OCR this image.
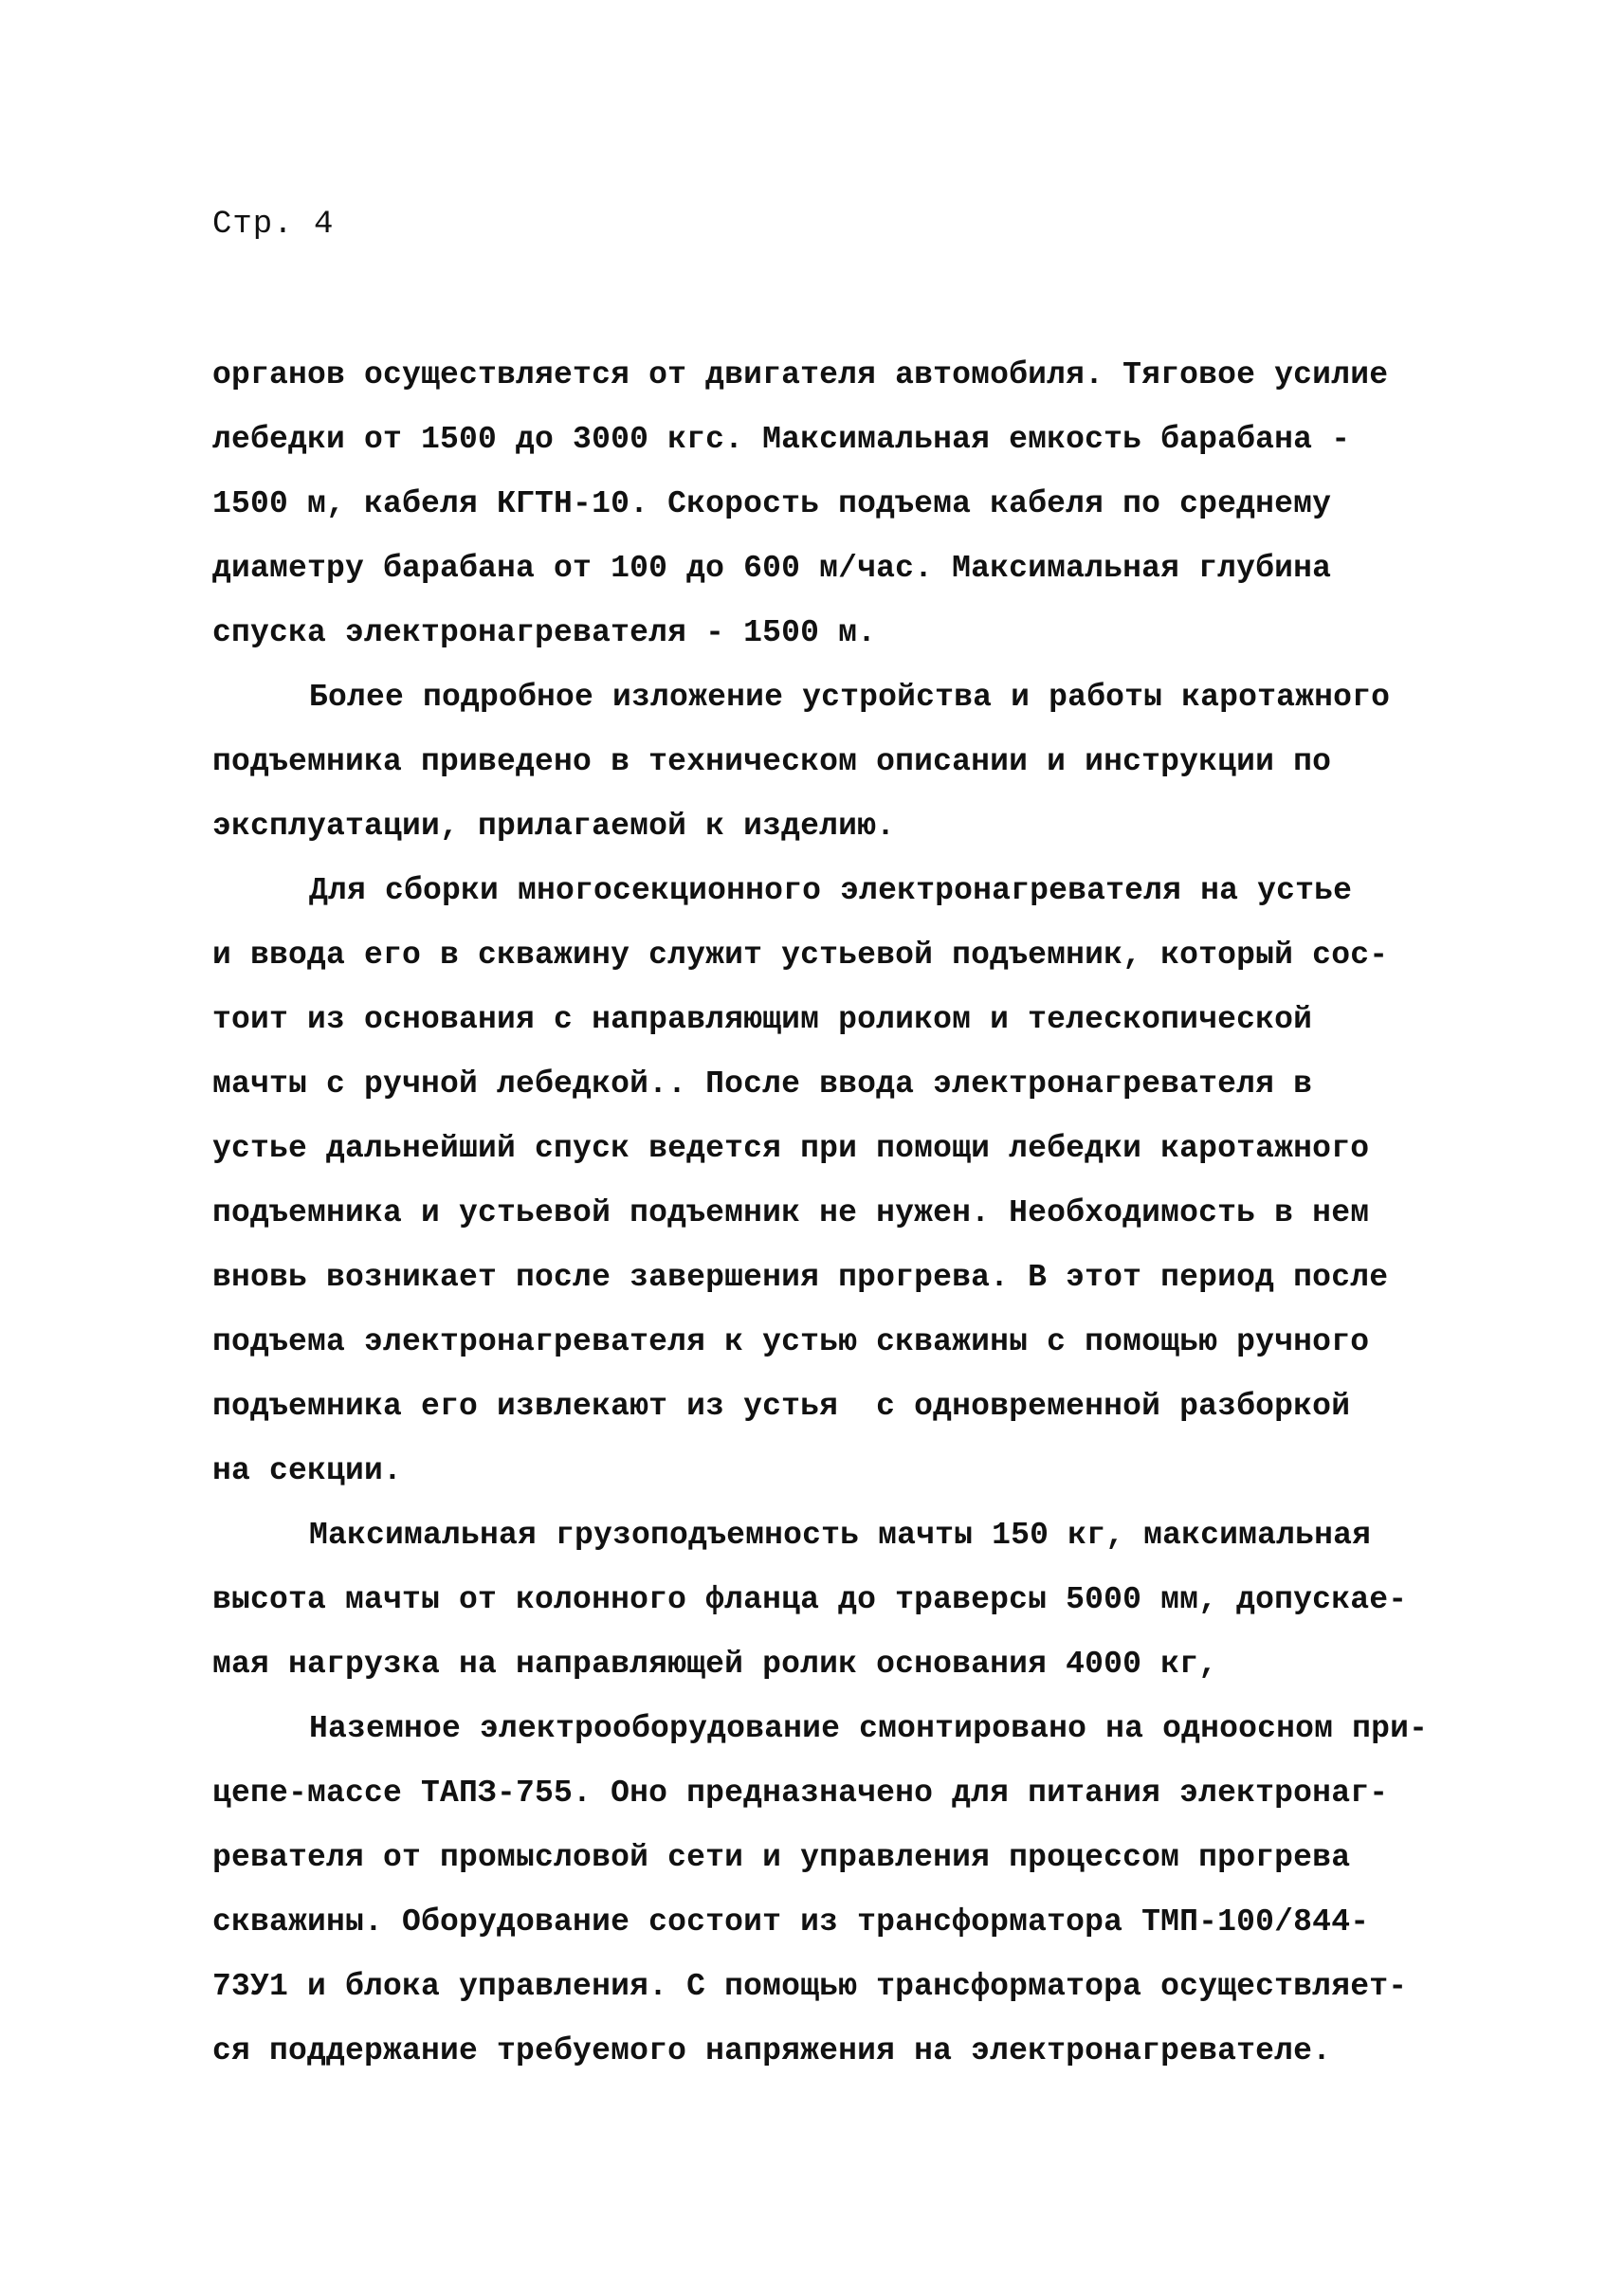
Стр. 4
органов осуществляется от двигателя автомобиля. Тяговое усилие
лебедки от 1500 до 3000 кгс. Максимальная емкость барабана -
1500 м, кабеля КГТН-10. Скорость подъема кабеля по среднему
диаметру барабана от 100 до 600 м/час. Максимальная глубина
спуска электронагревателя - 1500 м.
Более подробное изложение устройства и работы каротажного
подъемника приведено в техническом описании и инструкции по
эксплуатации, прилагаемой к изделию.
Для сборки многосекционного электронагревателя на устье
и ввода его в скважину служит устьевой подъемник, который сос-
тоит из основания с направляющим роликом и телескопической
мачты с ручной лебедкой.. После ввода электронагревателя в
устье дальнейший спуск ведется при помощи лебедки каротажного
подъемника и устьевой подъемник не нужен. Необходимость в нем
вновь возникает после завершения прогрева. В этот период после
подъема электронагревателя к устью скважины с помощью ручного
подъемника его извлекают из устья  с одновременной разборкой
на секции.
Максимальная грузоподъемность мачты 150 кг, максимальная
высота мачты от колонного фланца до траверсы 5000 мм, допускае-
мая нагрузка на направляющей ролик основания 4000 кг,
Наземное электрооборудование смонтировано на одноосном при-
цепе-массе ТАПЗ-755. Оно предназначено для питания электронаг-
ревателя от промысловой сети и управления процессом прогрева
скважины. Оборудование состоит из трансформатора ТМП-100/844-
73У1 и блока управления. С помощью трансформатора осуществляет-
ся поддержание требуемого напряжения на электронагревателе.
